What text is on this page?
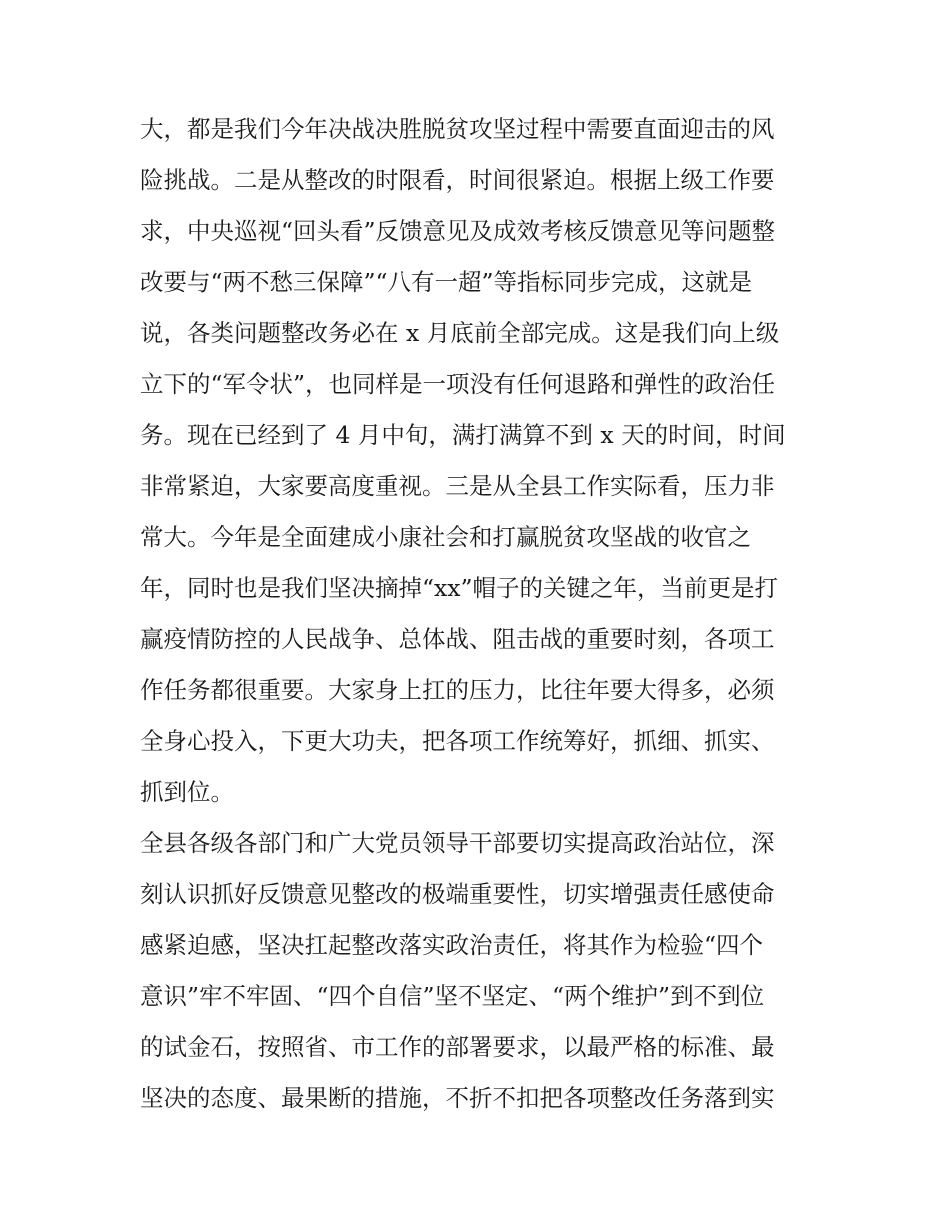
大，都是我们今年决战决胜脱贫攻坚过程中需要直面迎击的风
险挑战。二是从整改的时限看，时间很紧迫。根据上级工作要
求，中央巡视“回头看”反馈意见及成效考核反馈意见等问题整
改要与“两不愁三保障”“八有一超”等指标同步完成，这就是
说，各类问题整改务必在 x 月底前全部完成。这是我们向上级
立下的“军令状”，也同样是一项没有任何退路和弹性的政治任
务。现在已经到了 4 月中旬，满打满算不到 x 天的时间，时间
非常紧迫，大家要高度重视。三是从全县工作实际看，压力非
常大。今年是全面建成小康社会和打赢脱贫攻坚战的收官之
年，同时也是我们坚决摘掉“xx”帽子的关键之年，当前更是打
赢疫情防控的人民战争、总体战、阻击战的重要时刻，各项工
作任务都很重要。大家身上扛的压力，比往年要大得多，必须
全身心投入，下更大功夫，把各项工作统筹好，抓细、抓实、
抓到位。
全县各级各部门和广大党员领导干部要切实提高政治站位，深
刻认识抓好反馈意见整改的极端重要性，切实增强责任感使命
感紧迫感，坚决扛起整改落实政治责任，将其作为检验“四个
意识”牢不牢固、“四个自信”坚不坚定、“两个维护”到不到位
的试金石，按照省、市工作的部署要求，以最严格的标准、最
坚决的态度、最果断的措施，不折不扣把各项整改任务落到实
